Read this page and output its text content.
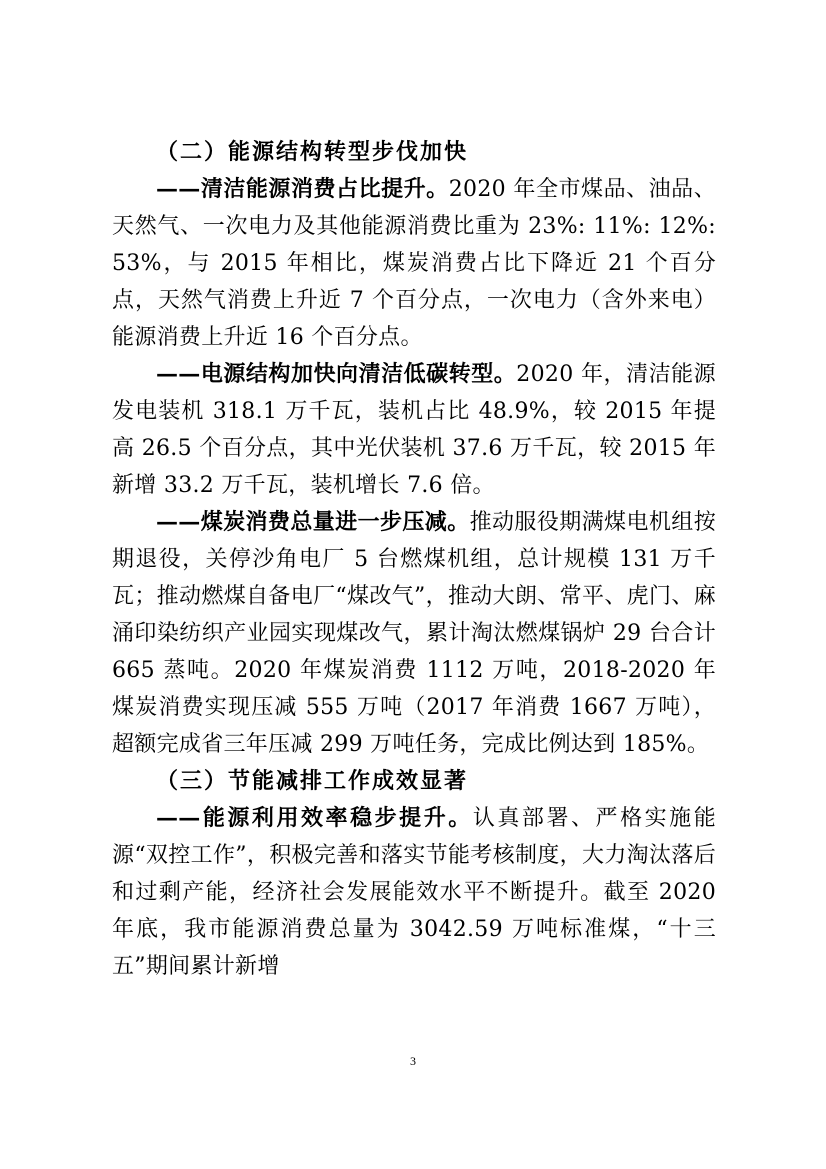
（二）能源结构转型步伐加快

——清洁能源消费占比提升。2020 年全市煤品、油品、天然气、一次电力及其他能源消费比重为 23%: 11%: 12%: 53%，与 2015 年相比，煤炭消费占比下降近 21 个百分点，天然气消费上升近 7 个百分点，一次电力（含外来电）能源消费上升近 16 个百分点。

——电源结构加快向清洁低碳转型。2020 年，清洁能源发电装机 318.1 万千瓦，装机占比 48.9%，较 2015 年提高 26.5 个百分点，其中光伏装机 37.6 万千瓦，较 2015 年新增 33.2 万千瓦，装机增长 7.6 倍。

——煤炭消费总量进一步压减。推动服役期满煤电机组按期退役，关停沙角电厂 5 台燃煤机组，总计规模 131 万千瓦；推动燃煤自备电厂“煤改气”，推动大朗、常平、虎门、麻涌印染纺织产业园实现煤改气，累计淘汰燃煤锅炉 29 台合计 665 蒸吨。2020 年煤炭消费 1112 万吨，2018-2020 年煤炭消费实现压减 555 万吨（2017 年消费 1667 万吨），超额完成省三年压减 299 万吨任务，完成比例达到 185%。

（三）节能减排工作成效显著

——能源利用效率稳步提升。认真部署、严格实施能源“双控工作”，积极完善和落实节能考核制度，大力淘汰落后和过剩产能，经济社会发展能效水平不断提升。截至 2020 年底，我市能源消费总量为 3042.59 万吨标准煤，“十三五”期间累计新增

3
